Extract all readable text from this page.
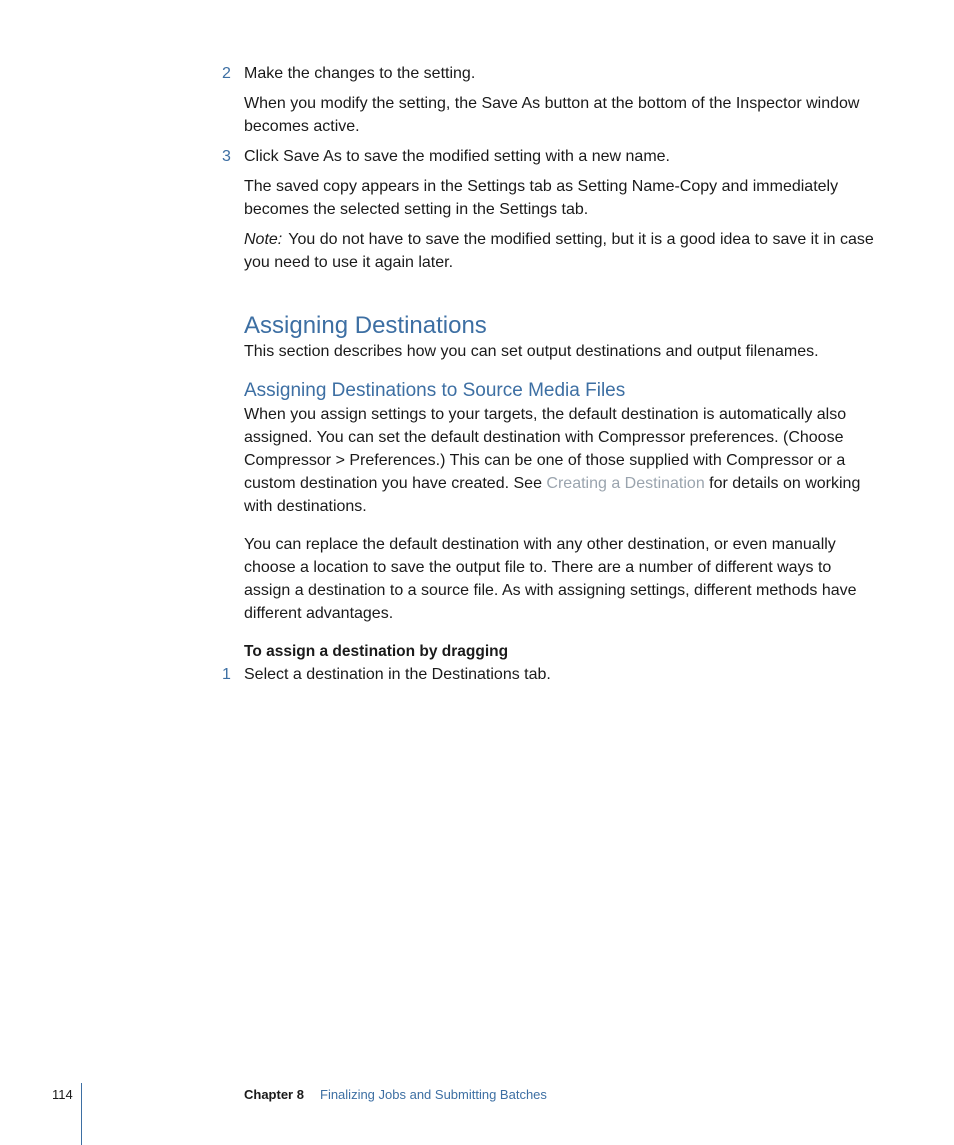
2 Make the changes to the setting.

When you modify the setting, the Save As button at the bottom of the Inspector window becomes active.

3 Click Save As to save the modified setting with a new name.

The saved copy appears in the Settings tab as Setting Name-Copy and immediately becomes the selected setting in the Settings tab.

Note: You do not have to save the modified setting, but it is a good idea to save it in case you need to use it again later.

Assigning Destinations

This section describes how you can set output destinations and output filenames.

Assigning Destinations to Source Media Files

When you assign settings to your targets, the default destination is automatically also assigned. You can set the default destination with Compressor preferences. (Choose Compressor > Preferences.) This can be one of those supplied with Compressor or a custom destination you have created. See Creating a Destination for details on working with destinations.

You can replace the default destination with any other destination, or even manually choose a location to save the output file to. There are a number of different ways to assign a destination to a source file. As with assigning settings, different methods have different advantages.

To assign a destination by dragging

1 Select a destination in the Destinations tab.
114	Chapter 8 Finalizing Jobs and Submitting Batches
